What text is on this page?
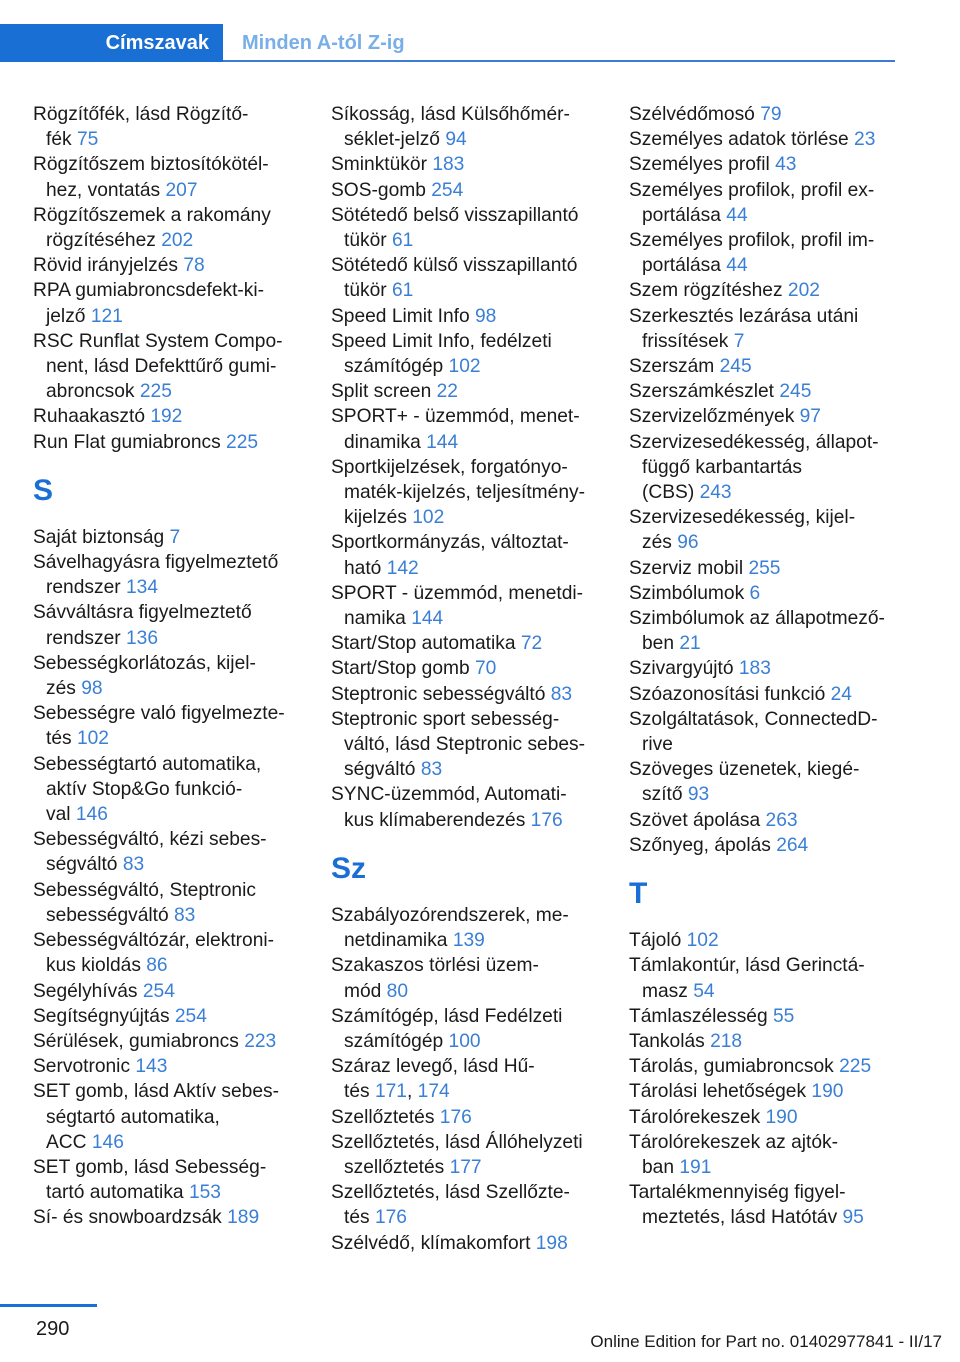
Címszavak	Minden A-tól Z-ig
Rögzítőfék, lásd Rögzítő-
fék 75
Rögzítőszem biztosítókötél-
hez, vontatás 207
Rögzítőszemek a rakomány
rögzítéséhez 202
Rövid irányjelzés 78
RPA gumiabroncsdefekt-ki-
jelző 121
RSC Runflat System Compo-
nent, lásd Defekttűrő gumi-
abroncsok 225
Ruhaakasztó 192
Run Flat gumiabroncs 225
S
Saját biztonság 7
Sávelhagyásra figyelmeztető
rendszer 134
Sávváltásra figyelmeztető
rendszer 136
Sebességkorlátozás, kijel-
zés 98
Sebességre való figyelmezte-
tés 102
Sebességtartó automatika,
aktív Stop&Go funkció-
val 146
Sebességváltó, kézi sebes-
ségváltó 83
Sebességváltó, Steptronic
sebességváltó 83
Sebességváltózár, elektroni-
kus kioldás 86
Segélyhívás 254
Segítségnyújtás 254
Sérülések, gumiabroncs 223
Servotronic 143
SET gomb, lásd Aktív sebes-
ségtartó automatika,
ACC 146
SET gomb, lásd Sebesség-
tartó automatika 153
Sí- és snowboardzsák 189
Síkosság, lásd Külsőhőmér-
séklet-jelző 94
Sminktükör 183
SOS-gomb 254
Sötétedő belső visszapillantó
tükör 61
Sötétedő külső visszapillantó
tükör 61
Speed Limit Info 98
Speed Limit Info, fedélzeti
számítógép 102
Split screen 22
SPORT+ - üzemmód, menet-
dinamika 144
Sportkijelzések, forgatónyo-
maték-kijelzés, teljesítmény-
kijelzés 102
Sportkormányzás, változtat-
ható 142
SPORT - üzemmód, menetdi-
namika 144
Start/Stop automatika 72
Start/Stop gomb 70
Steptronic sebességváltó 83
Steptronic sport sebesség-
váltó, lásd Steptronic sebes-
ségváltó 83
SYNC-üzemmód, Automati-
kus klímaberendezés 176
Sz
Szabályozórendszerek, me-
netdinamika 139
Szakaszos törlési üzem-
mód 80
Számítógép, lásd Fedélzeti
számítógép 100
Száraz levegő, lásd Hű-
tés 171, 174
Szellőztetés 176
Szellőztetés, lásd Állóhelyzeti
szellőztetés 177
Szellőztetés, lásd Szellőzte-
tés 176
Szélvédő, klímakomfort 198
Szélvédőmosó 79
Személyes adatok törlése 23
Személyes profil 43
Személyes profilok, profil ex-
portálása 44
Személyes profilok, profil im-
portálása 44
Szem rögzítéshez 202
Szerkesztés lezárása utáni
frissítések 7
Szerszám 245
Szerszámkészlet 245
Szervizelőzmények 97
Szervizesedékesség, állapot-
függő karbantartás
(CBS) 243
Szervizesedékesség, kijel-
zés 96
Szerviz mobil 255
Szimbólumok 6
Szimbólumok az állapotmező-
ben 21
Szivargyújtó 183
Szóazonosítási funkció 24
Szolgáltatások, ConnectedD-
rive
Szöveges üzenetek, kiegé-
szítő 93
Szövet ápolása 263
Szőnyeg, ápolás 264
T
Tájoló 102
Támlakontúr, lásd Gerinctá-
masz 54
Támlaszélesség 55
Tankolás 218
Tárolás, gumiabroncsok 225
Tárolási lehetőségek 190
Tárolórekeszek 190
Tárolórekeszek az ajtók-
ban 191
Tartalékmennyiség figyel-
meztetés, lásd Hatótáv 95
290
Online Edition for Part no. 01402977841 - II/17
